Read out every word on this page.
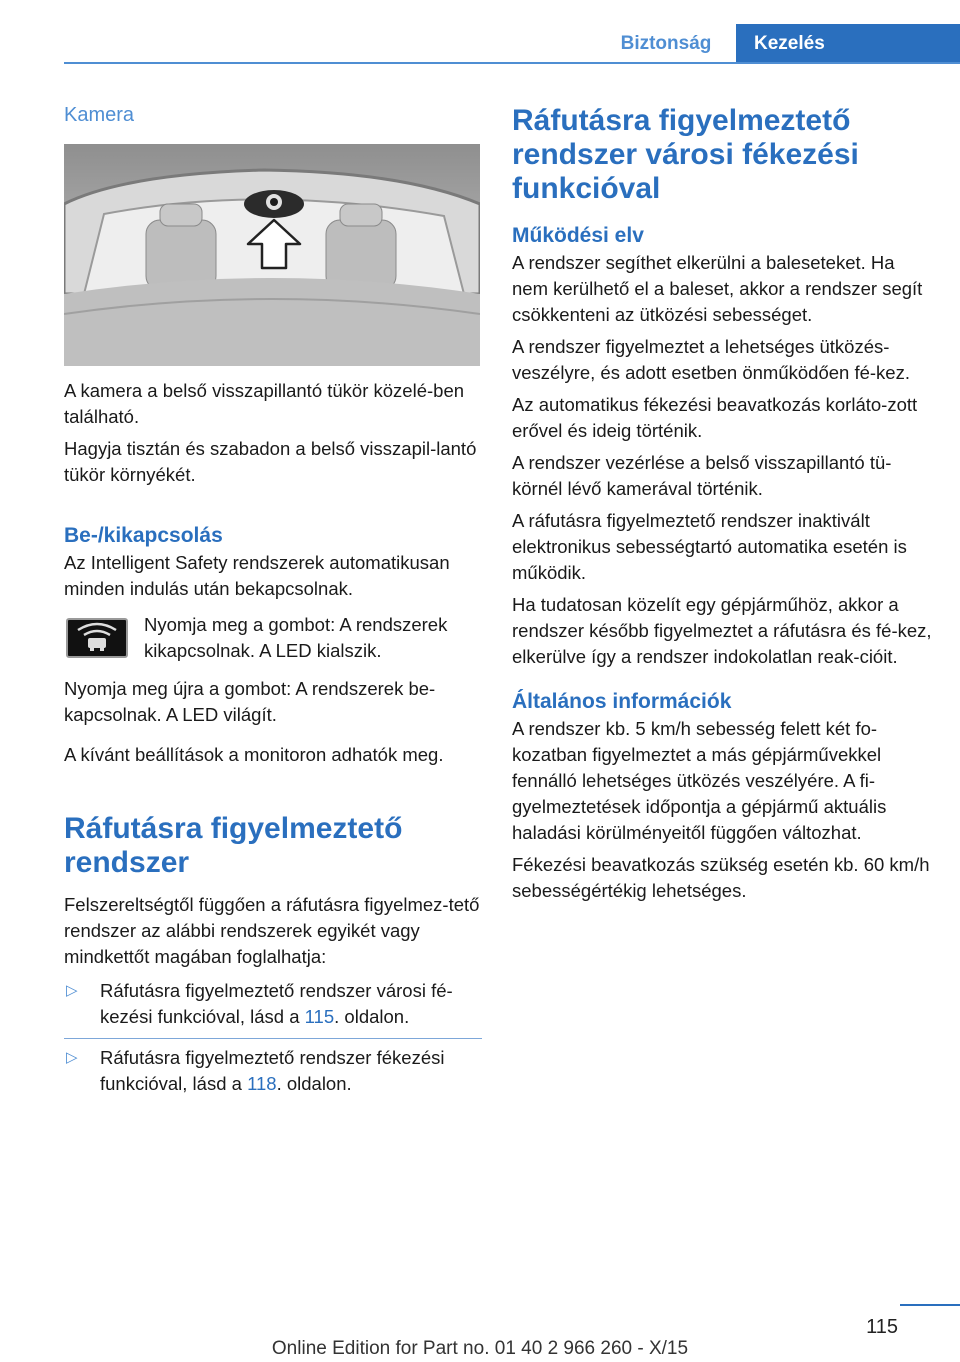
Biztonság	Kezelés
Kamera

A kamera a belső visszapillantó tükör közelé-ben található.

Hagyja tisztán és szabadon a belső visszapil-lantó tükör környékét.

Be-/kikapcsolás

Az Intelligent Safety rendszerek automatikusan minden indulás után bekapcsolnak.

Nyomja meg a gombot: A rendszerek kikapcsolnak. A LED kialszik.

Nyomja meg újra a gombot: A rendszerek be-kapcsolnak. A LED világít.

A kívánt beállítások a monitoron adhatók meg.

Ráfutásra figyelmeztető rendszer

Felszereltségtől függően a ráfutásra figyelmez-tető rendszer az alábbi rendszerek egyikét vagy mindkettőt magában foglalhatja:

▷ Ráfutásra figyelmeztető rendszer városi fé-kezési funkcióval, lásd a 115. oldalon.
▷ Ráfutásra figyelmeztető rendszer fékezési funkcióval, lásd a 118. oldalon.
Ráfutásra figyelmeztető rendszer városi fékezési funkcióval
Működési elv

A rendszer segíthet elkerülni a baleseteket. Ha nem kerülhető el a baleset, akkor a rendszer segít csökkenteni az ütközési sebességet.

A rendszer figyelmeztet a lehetséges ütközés-veszélyre, és adott esetben önműködően fé-kez.

Az automatikus fékezési beavatkozás korláto-zott erővel és ideig történik.

A rendszer vezérlése a belső visszapillantó tü-körnél lévő kamerával történik.

A ráfutásra figyelmeztető rendszer inaktivált elektronikus sebességtartó automatika esetén is működik.

Ha tudatosan közelít egy gépjárműhöz, akkor a rendszer később figyelmeztet a ráfutásra és fé-kez, elkerülve így a rendszer indokolatlan reak-cióit.

Általános információk

A rendszer kb. 5 km/h sebesség felett két fo-kozatban figyelmeztet a más gépjárművekkel fennálló lehetséges ütközés veszélyére. A fi-gyelmeztetések időpontja a gépjármű aktuális haladási körülményeitől függően változhat.

Fékezési beavatkozás szükség esetén kb. 60 km/h sebességértékig lehetséges.

115
Online Edition for Part no. 01 40 2 966 260 - X/15
